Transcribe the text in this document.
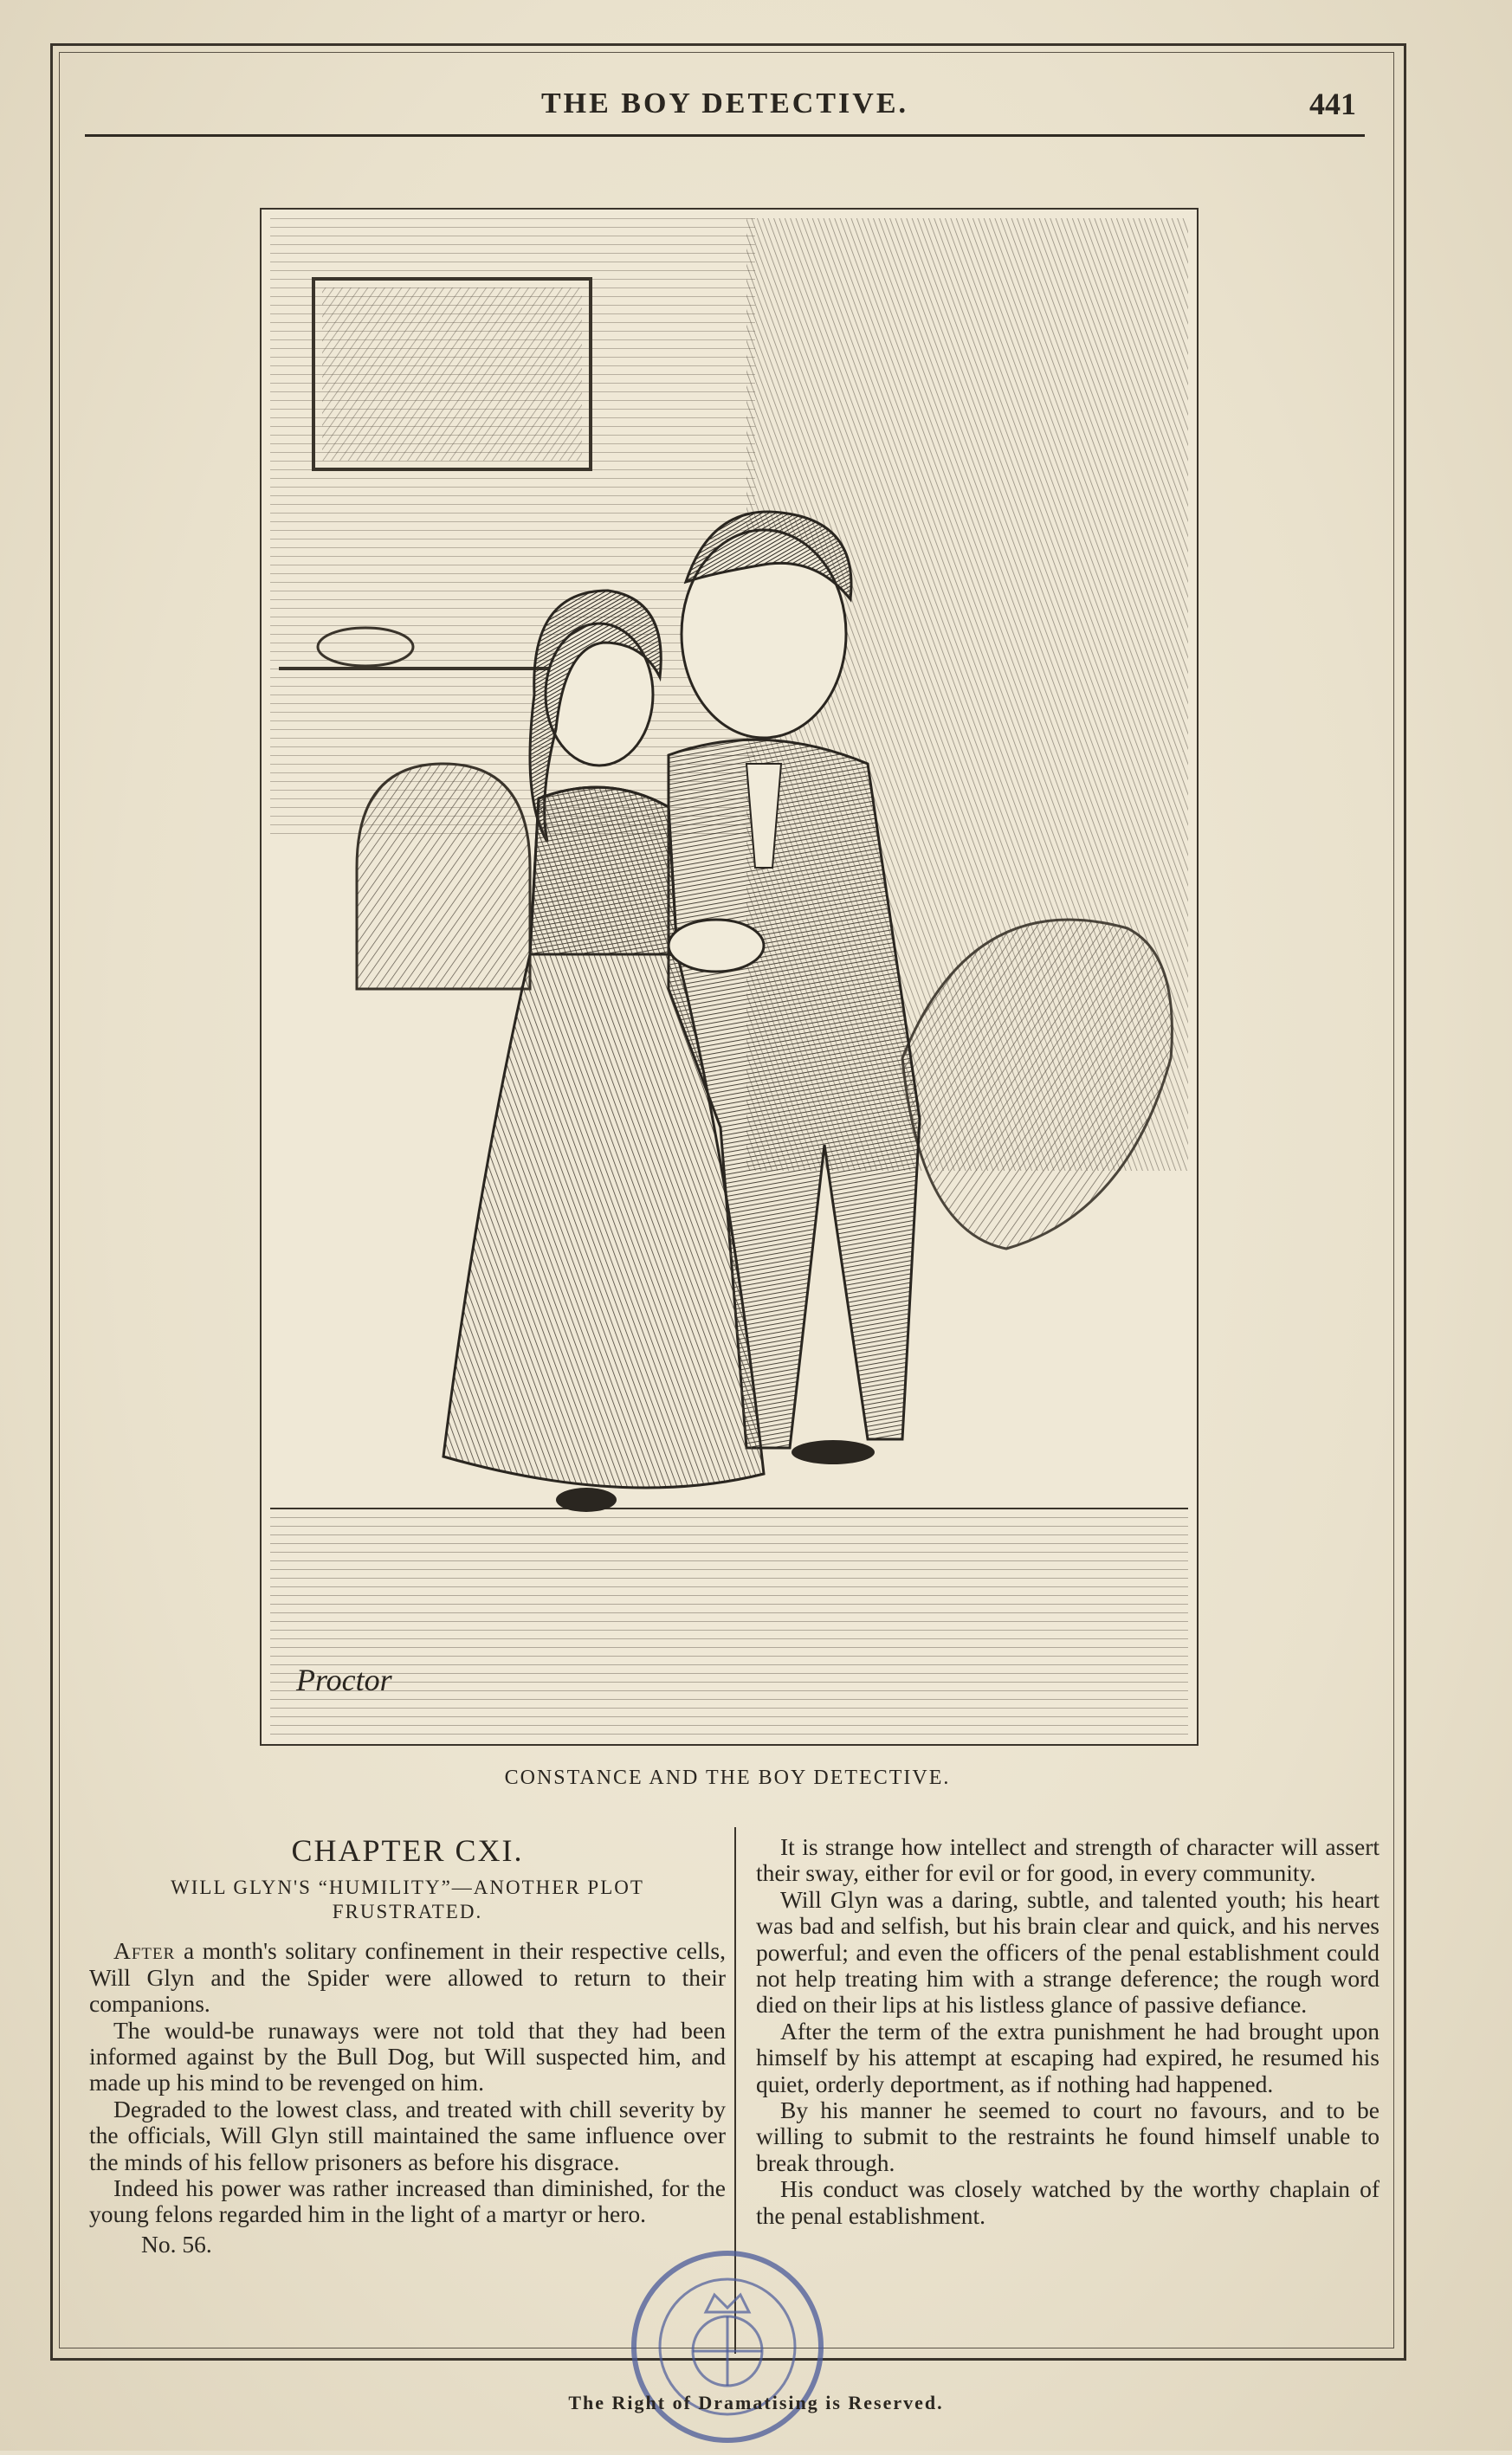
THE BOY DETECTIVE.	441
Proctor
CONSTANCE AND THE BOY DETECTIVE.
CHAPTER CXI.
WILL GLYN'S “HUMILITY”—ANOTHER PLOT FRUSTRATED.

After a month's solitary confinement in their respective cells, Will Glyn and the Spider were allowed to return to their companions.

The would-be runaways were not told that they had been informed against by the Bull Dog, but Will suspected him, and made up his mind to be revenged on him.

Degraded to the lowest class, and treated with chill severity by the officials, Will Glyn still maintained the same influence over the minds of his fellow prisoners as before his disgrace.

Indeed his power was rather increased than diminished, for the young felons regarded him in the light of a martyr or hero.

No. 56.

It is strange how intellect and strength of character will assert their sway, either for evil or for good, in every community.

Will Glyn was a daring, subtle, and talented youth; his heart was bad and selfish, but his brain clear and quick, and his nerves powerful; and even the officers of the penal establishment could not help treating him with a strange deference; the rough word died on their lips at his listless glance of passive defiance.

After the term of the extra punishment he had brought upon himself by his attempt at escaping had expired, he resumed his quiet, orderly deportment, as if nothing had happened.

By his manner he seemed to court no favours, and to be willing to submit to the restraints he found himself unable to break through.

His conduct was closely watched by the worthy chaplain of the penal establishment.

The Right of Dramatising is Reserved.
